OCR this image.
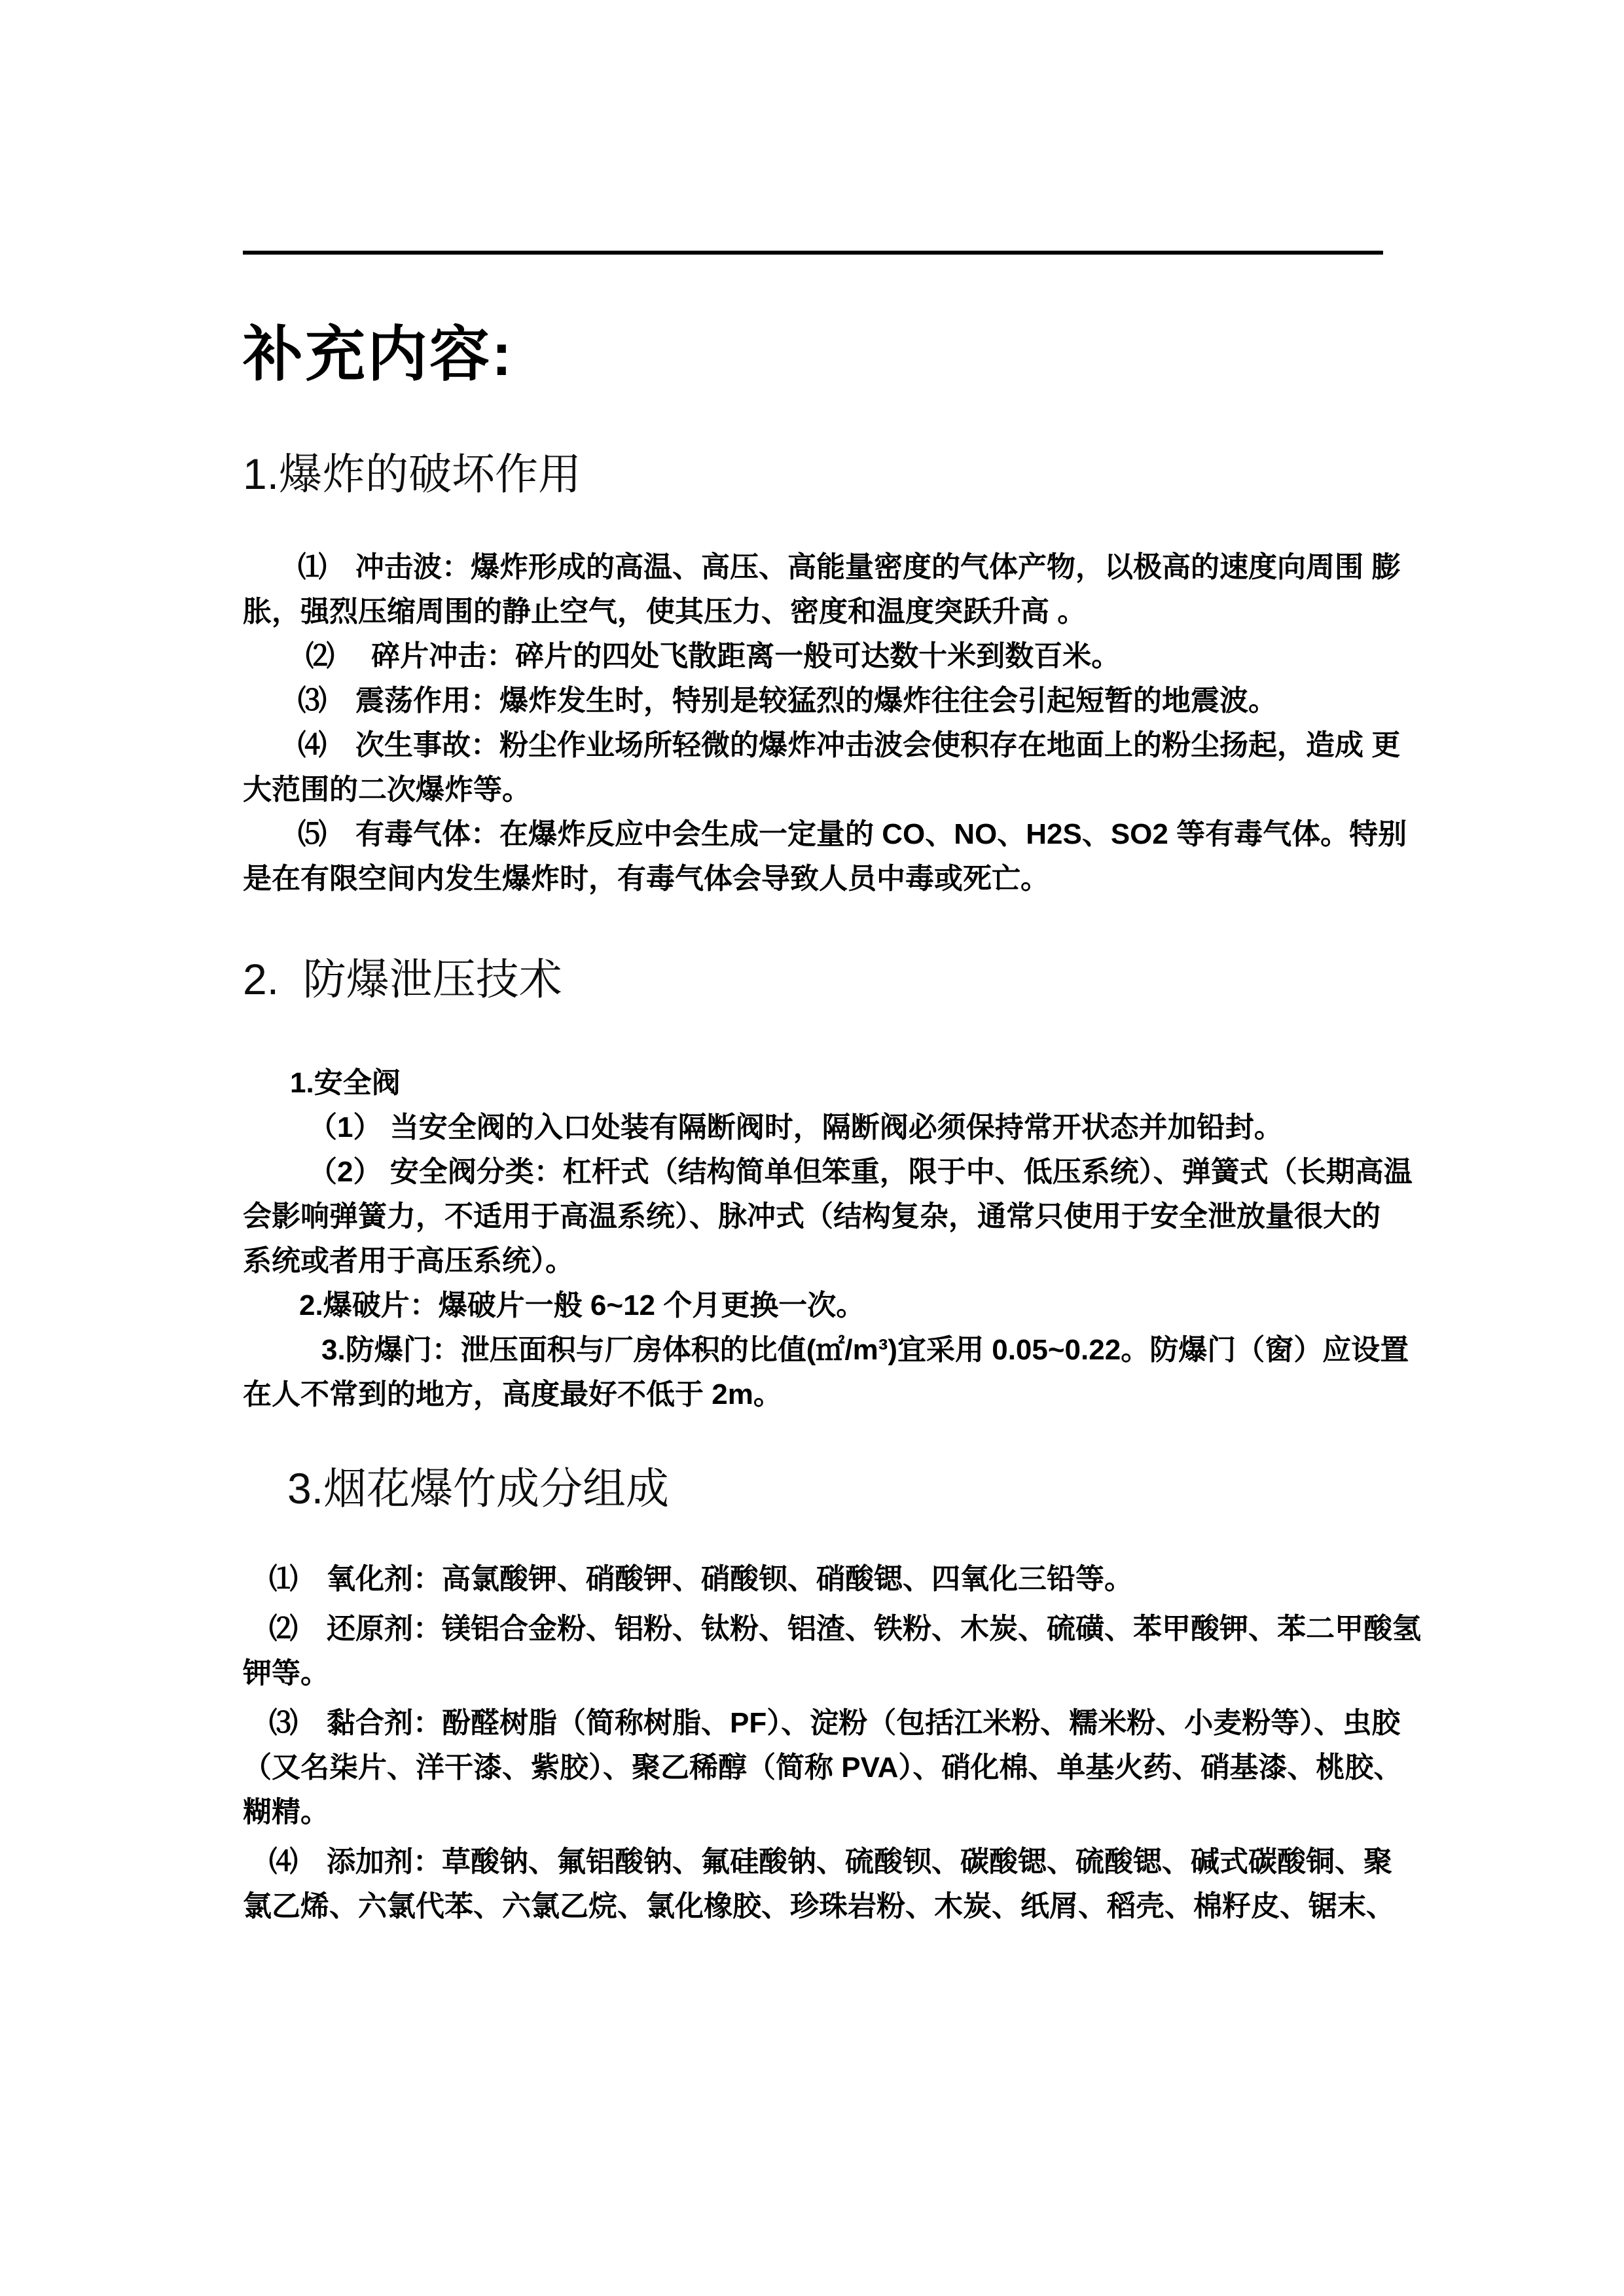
补充内容:
1.爆炸的破坏作用
⑴　冲击波：爆炸形成的高温、高压、高能量密度的气体产物，以极高的速度向周围 膨
胀，强烈压缩周围的静止空气，使其压力、密度和温度突跃升高 。
⑵　 碎片冲击：碎片的四处飞散距离一般可达数十米到数百米。
⑶　震荡作用：爆炸发生时，特别是较猛烈的爆炸往往会引起短暂的地震波。
⑷　次生事故：粉尘作业场所轻微的爆炸冲击波会使积存在地面上的粉尘扬起，造成 更
大范围的二次爆炸等。
⑸　有毒气体：在爆炸反应中会生成一定量的 CO、NO、H2S、SO2 等有毒气体。特别
是在有限空间内发生爆炸时，有毒气体会导致人员中毒或死亡。
2.  防爆泄压技术
1.安全阀
（1） 当安全阀的入口处装有隔断阀时，隔断阀必须保持常开状态并加铅封。
（2） 安全阀分类：杠杆式（结构简单但笨重，限于中、低压系统）、弹簧式（长期高温
会影响弹簧力，不适用于高温系统）、脉冲式（结构复杂，通常只使用于安全泄放量很大的
系统或者用于高压系统）。
2.爆破片：爆破片一般 6~12 个月更换一次。
3.防爆门：泄压面积与厂房体积的比值(㎡/m³)宜采用 0.05~0.22。防爆门（窗）应设置
在人不常到的地方，高度最好不低于 2m。
3.烟花爆竹成分组成
⑴　氧化剂：高氯酸钾、硝酸钾、硝酸钡、硝酸锶、四氧化三铅等。
⑵　还原剂：镁铝合金粉、铝粉、钛粉、铝渣、铁粉、木炭、硫磺、苯甲酸钾、苯二甲酸氢
钾等。
⑶　黏合剂：酚醛树脂（简称树脂、PF）、淀粉（包括江米粉、糯米粉、小麦粉等）、虫胶
（又名柒片、洋干漆、紫胶）、聚乙稀醇（简称 PVA）、硝化棉、单基火药、硝基漆、桃胶、
糊精。
⑷　添加剂：草酸钠、氟铝酸钠、氟硅酸钠、硫酸钡、碳酸锶、硫酸锶、碱式碳酸铜、聚
氯乙烯、六氯代苯、六氯乙烷、氯化橡胶、珍珠岩粉、木炭、纸屑、稻壳、棉籽皮、锯末、
